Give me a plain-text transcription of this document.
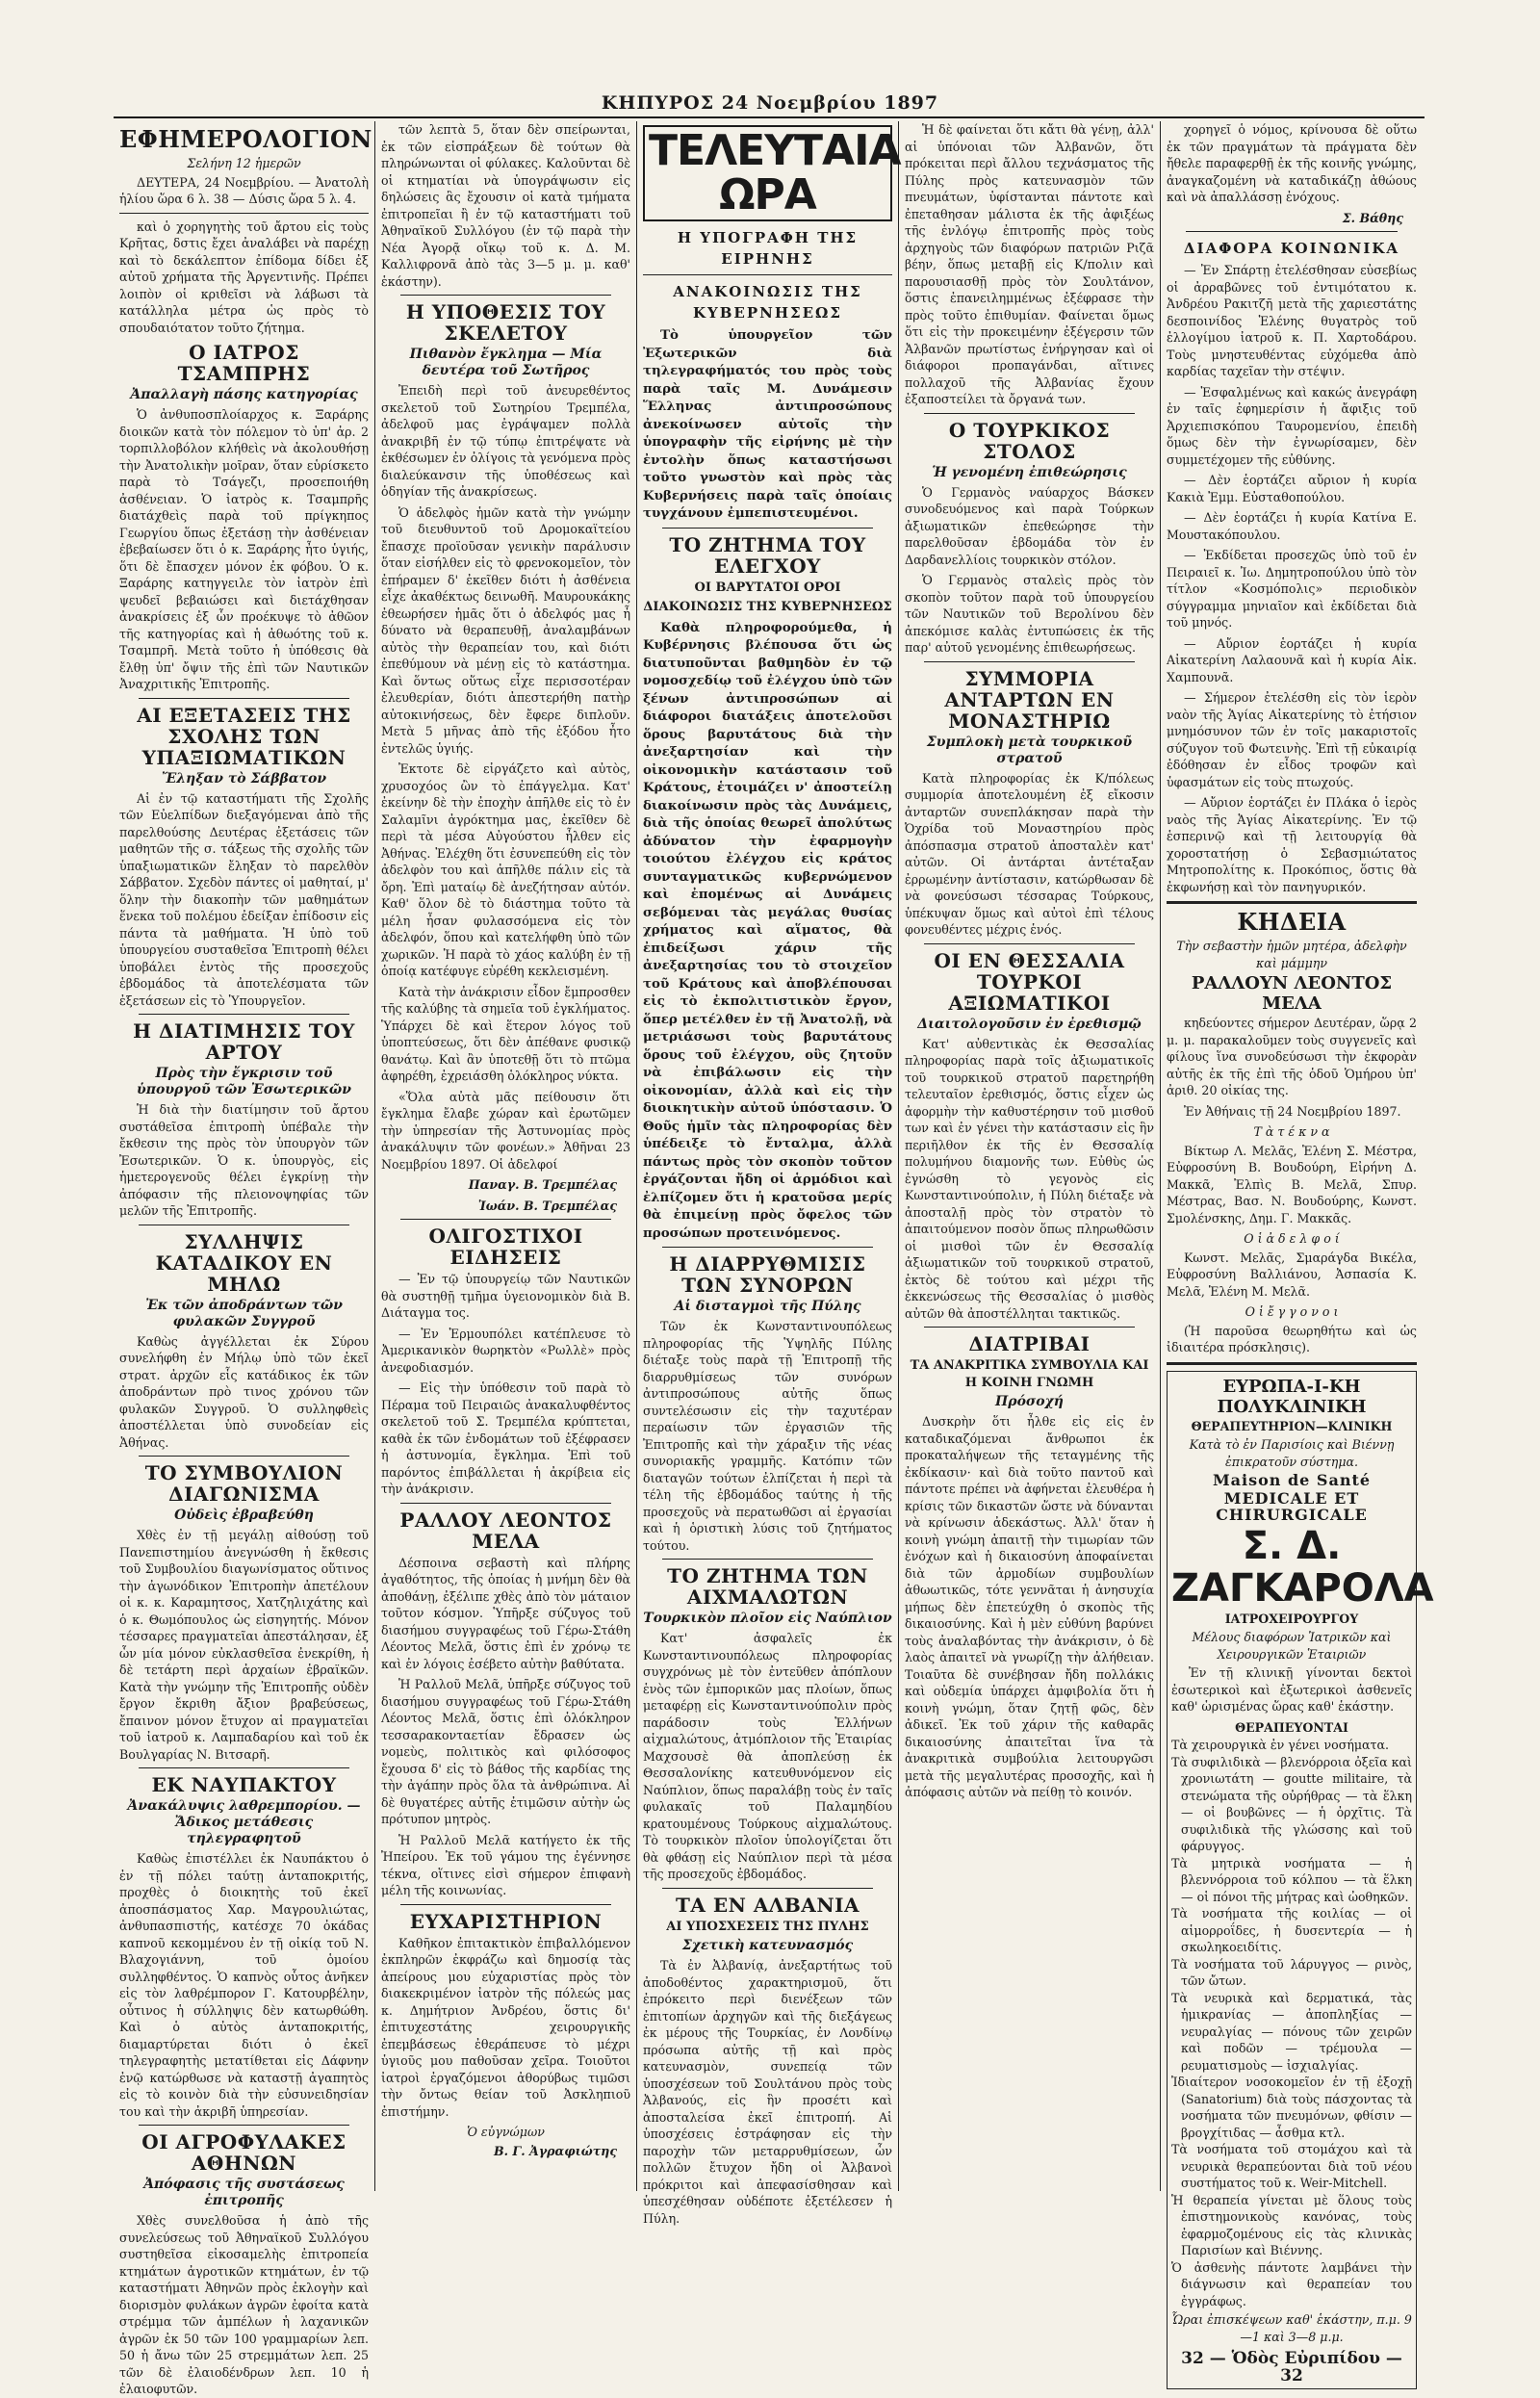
ΚΗΠΥΡΟΣ 24 Νοεμβρίου 1897
ΕΦΗΜΕΡΟΛΟΓΙΟΝ
Σελήνη 12 ἡμερῶν
ΔΕΥΤΕΡΑ, 24 Νοεμβρίου. — Ἀνατολὴ ἡλίου ὥρα 6 λ. 38 — Δύσις ὥρα 5 λ. 4.
καὶ ὁ χορηγητὴς τοῦ ἄρτου εἰς τοὺς Κρῆτας, δστις ἔχει ἀναλάβει νὰ παρέχῃ καὶ τὸ δεκάλεπτον ἐπίδομα δίδει ἐξ αὐτοῦ χρήματα τῆς Ἀργεντινῆς. Πρέπει λοιπὸν οἱ κριθεῖσι νὰ λάβωσι τὰ κατάλληλα μέτρα ὡς πρὸς τὸ σπουδαιότατον τοῦτο ζήτημα.
Ο ΙΑΤΡΟΣ ΤΣΑΜΠΡΗΣ
Ἀπαλλαγὴ πάσης κατηγορίας
Ὁ ἀνθυποσπλοίαρχος κ. Ξαράρης διοικῶν κατὰ τὸν πόλεμον τὸ ὑπ' ἀρ. 2 τορπιλλοβόλον κλήθεὶς νὰ ἀκολουθήσῃ τὴν Ἀνατολικὴν μοῖραν, ὅταν εὑρίσκετο παρὰ τὸ Τσάγεζι, προσεποιήθη ἀσθένειαν. Ὁ ἰατρὸς κ. Τσαμπρῆς διατάχθεὶς παρὰ τοῦ πρίγκηπος Γεωργίου ὅπως ἐξετάσῃ τὴν ἀσθένειαν ἐβεβαίωσεν ὅτι ὁ κ. Ξαράρης ἦτο ὑγιής, ὅτι δὲ ἔπασχεν μόνον ἐκ φόβου. Ὁ κ. Ξαράρης κατηγγειλε τὸν ἰατρὸν ἐπὶ ψευδεῖ βεβαιώσει καὶ διετάχθησαν ἀνακρίσεις ἐξ ὧν προέκυψε τὸ ἀθῶον τῆς κατηγορίας καὶ ἡ ἀθωότης τοῦ κ. Τσαμπρῆ. Μετὰ τοῦτο ἡ ὑπόθεσις θὰ ἔλθῃ ὑπ' ὄψιν τῆς ἐπὶ τῶν Ναυτικῶν Ἀναχριτικῆς Ἐπιτροπῆς.
ΑΙ ΕΞΕΤΑΣΕΙΣ ΤΗΣ ΣΧΟΛΗΣ ΤΩΝ ΥΠΑΞΙΩΜΑΤΙΚΩΝ
Ἔληξαν τὸ Σάββατον
Αἱ ἐν τῷ καταστήματι τῆς Σχολῆς τῶν Εὐελπίδων διεξαγόμεναι ἀπὸ τῆς παρελθούσης Δευτέρας ἐξετάσεις τῶν μαθητῶν τῆς σ. τάξεως τῆς σχολῆς τῶν ὑπαξιωματικῶν ἔληξαν τὸ παρελθὸν Σάββατον. Σχεδὸν πάντες οἱ μαθηταί, μ' ὅλην τὴν διακοπὴν τῶν μαθημάτων ἕνεκα τοῦ πολέμου ἐδείξαν ἐπίδοσιν εἰς πάντα τὰ μαθήματα. Ἡ ὑπὸ τοῦ ὑπουργείου συσταθεῖσα Ἐπιτροπὴ θέλει ὑποβάλει ἐντὸς τῆς προσεχοῦς ἑβδομάδος τὰ ἀποτελέσματα τῶν ἐξετάσεων εἰς τὸ Ὑπουργεῖον.
Η ΔΙΑΤΙΜΗΣΙΣ ΤΟΥ ΑΡΤΟΥ
Πρὸς τὴν ἔγκρισιν τοῦ ὑπουργοῦ τῶν Ἐσωτερικῶν
Ἡ διὰ τὴν διατίμησιν τοῦ ἄρτου συστάθεῖσα ἐπιτροπὴ ὑπέβαλε τὴν ἔκθεσιν της πρὸς τὸν ὑπουργὸν τῶν Ἐσωτερικῶν. Ὁ κ. ὑπουργὸς, εἰς ἡμετερογενοῦς θέλει ἐγκρίνῃ τὴν ἀπόφασιν τῆς πλειονοψηφίας τῶν μελῶν τῆς Ἐπιτροπῆς.
ΣΥΛΛΗΨΙΣ ΚΑΤΑΔΙΚΟΥ ΕΝ ΜΗΛΩ
Ἐκ τῶν ἀποδράντων τῶν φυλακῶν Συγγροῦ
Καθὼς ἀγγέλλεται ἐκ Σύρου συνελήφθη ἐν Μήλῳ ὑπὸ τῶν ἐκεῖ στρατ. ἀρχῶν εἷς κατάδικος ἐκ τῶν ἀποδράντων πρὸ τινος χρόνου τῶν φυλακῶν Συγγροῦ. Ὁ συλληφθεὶς ἀποστέλλεται ὑπὸ συνοδείαν εἰς Ἀθήνας.
ΤΟ ΣΥΜΒΟΥΛΙΟΝ ΔΙΑΓΩΝΙΣΜΑ
Οὐδεὶς ἐβραβεύθη
Χθὲς ἐν τῇ μεγάλῃ αἰθούσῃ τοῦ Πανεπιστημίου ἀνεγνώσθη ἡ ἔκθεσις τοῦ Συμβουλίου διαγωνίσματος οὕτινος τὴν ἀγωνόδικον Ἐπιτροπὴν ἀπετέλουν οἱ κ. κ. Καραμητσος, Χατζηλιχάτης καὶ ὁ κ. Θωμόπουλος ὡς εἰσηγητής. Μόνον τέσσαρες πραγματεῖαι ἀπεστάλησαν, ἐξ ὧν μία μόνον εὐκλασθεῖσα ἐνεκρίθη, ἡ δὲ τετάρτη περὶ ἀρχαίων ἑβραϊκῶν. Κατὰ τὴν γνώμην τῆς Ἐπιτροπῆς οὐδὲν ἔργον ἔκριθη ἄξιον βραβεύσεως, ἔπαινον μόνον ἔτυχον αἱ πραγματεῖαι τοῦ ἰατροῦ κ. Λαμπαδαρίου καὶ τοῦ ἐκ Βουλγαρίας Ν. Βιτσαρῆ.
ΕΚ ΝΑΥΠΑΚΤΟΥ
Ἀνακάλυψις λαθρεμπορίου. — Ἄδικος μετάθεσις τηλεγραφητοῦ
Καθὼς ἐπιστέλλει ἐκ Ναυπάκτου ὁ ἐν τῇ πόλει ταύτῃ ἀνταποκριτής, προχθὲς ὁ διοικητὴς τοῦ ἐκεῖ ἀποσπάσματος Χαρ. Μαγρουλιώτας, ἀνθυπασπιστής, κατέσχε 70 ὀκάδας καπνοῦ κεκομμένου ἐν τῇ οἰκίᾳ τοῦ Ν. Βλαχογιάννη, τοῦ ὁμοίου συλληφθέντος. Ὁ καπνὸς οὗτος ἀνῆκεν εἰς τὸν λαθρέμπορον Γ. Κατουρβέλην, οὗτινος ἡ σύλληψις δὲν κατωρθώθη. Καὶ ὁ αὐτὸς ἀνταποκριτής, διαμαρτύρεται διότι ὁ ἐκεῖ τηλεγραφητὴς μετατίθεται εἰς Δάφνην ἐνῷ κατώρθωσε νὰ καταστῇ ἀγαπητὸς εἰς τὸ κοινὸν διὰ τὴν εὐσυνειδησίαν του καὶ τὴν ἀκριβῆ ὑπηρεσίαν.
ΟΙ ΑΓΡΟΦΥΛΑΚΕΣ ΑΘΗΝΩΝ
Ἀπόφασις τῆς συστάσεως ἐπιτροπῆς
Χθὲς συνελθοῦσα ἡ ἀπὸ τῆς συνελεύσεως τοῦ Ἀθηναϊκοῦ Συλλόγου συστηθεῖσα εἰκοσαμελὴς ἐπιτροπεία κτημάτων ἀγροτικῶν κτημάτων, ἐν τῷ καταστήματι Ἀθηνῶν πρὸς ἐκλογὴν καὶ διορισμὸν φυλάκων ἀγρῶν ἐφοίτα κατὰ στρέμμα τῶν ἀμπέλων ἡ λαχανικῶν ἀγρῶν ἐκ 50 τῶν 100 γραμμαρίων λεπ. 50 ἡ ἄνω τῶν 25 στρεμμάτων λεπ. 25 τῶν δὲ ἐλαιοδένδρων λεπ. 10 ἡ ἐλαιοφυτῶν.
τῶν λεπτὰ 5, ὅταν δὲν σπείρωνται, ἐκ τῶν εἰσπράξεων δὲ τούτων θὰ πληρώνωνται οἱ φύλακες. Καλοῦνται δὲ οἱ κτηματίαι νὰ ὑπογράψωσιν εἰς δηλώσεις ἃς ἔχουσιν οἱ κατὰ τμήματα ἐπιτροπεῖαι ἢ ἐν τῷ καταστήματι τοῦ Ἀθηναϊκοῦ Συλλόγου (ἐν τῷ παρὰ τὴν Νέα Ἀγορᾷ οἴκῳ τοῦ κ. Δ. Μ. Καλλιφρονᾶ ἀπὸ τὰς 3—5 μ. μ. καθ' ἑκάστην).
Η ΥΠΟΘΕΣΙΣ ΤΟΥ ΣΚΕΛΕΤΟΥ
Πιθανὸν ἔγκλημα — Μία δευτέρα τοῦ Σωτῆρος
Ἐπειδὴ περὶ τοῦ ἀνευρεθέντος σκελετοῦ τοῦ Σωτηρίου Τρεμπέλα, ἀδελφοῦ μας ἐγράψαμεν πολλὰ ἀνακριβῆ ἐν τῷ τύπῳ ἐπιτρέψατε νὰ ἐκθέσωμεν ἐν ὀλίγοις τὰ γενόμενα πρὸς διαλεύκανσιν τῆς ὑποθέσεως καὶ ὁδηγίαν τῆς ἀνακρίσεως.
Ὁ ἀδελφὸς ἡμῶν κατὰ τὴν γνώμην τοῦ διευθυντοῦ τοῦ Δρομοκαϊτείου ἔπασχε προϊοῦσαν γενικὴν παράλυσιν ὅταν εἰσήλθεν εἰς τὸ φρενοκομεῖον, τὸν ἐπήραμεν δ' ἐκεῖθεν διότι ἡ ἀσθένεια εἶχε ἀκαθέκτως δεινωθῆ. Μαυρουκάκης ἐθεωρήσεν ἡμᾶς ὅτι ὁ ἀδελφός μας ἦ δύνατο νὰ θεραπευθῇ, ἀναλαμβάνων αὐτὸς τὴν θεραπείαν του, καὶ διότι ἐπεθύμουν νὰ μένῃ εἰς τὸ κατάστημα. Καὶ ὅντως οὕτως εἶχε περισσοτέραν ἐλευθερίαν, διότι ἀπεστερήθη πατὴρ αὐτοκινήσεως, δὲν ἔφερε διπλοῦν. Μετὰ 5 μῆνας ἀπὸ τῆς ἐξόδου ἦτο ἐντελῶς ὑγιής.
Ἐκτοτε δὲ εἰργάζετο καὶ αὐτὸς, χρυσοχόος ὢν τὸ ἐπάγγελμα. Κατ' ἐκείνην δὲ τὴν ἐποχὴν ἀπῆλθε εἰς τὸ ἐν Σαλαμῖνι ἀγρόκτημα μας, ἐκεῖθεν δὲ περὶ τὰ μέσα Αὐγούστου ἦλθεν εἰς Ἀθήνας. Ἐλέχθη ὅτι ἐσυνεπεύθη εἰς τὸν ἀδελφὸν του καὶ ἀπῆλθε πάλιν εἰς τὰ ὄρη. Ἐπὶ ματαίῳ δὲ ἀνεζήτησαν αὐτόν. Καθ' ὅλον δὲ τὸ διάστημα τοῦτο τὰ μέλη ἦσαν φυλασσόμενα εἰς τὸν ἀδελφόν, ὅπου καὶ κατελήφθη ὑπὸ τῶν χωρικῶν. Ἡ παρὰ τὸ χάος καλύβη ἐν τῇ ὁποίᾳ κατέφυγε εὑρέθη κεκλεισμένη.
Κατὰ τὴν ἀνάκρισιν εἶδον ἔμπροσθεν τῆς καλύβης τὰ σημεῖα τοῦ ἐγκλήματος. Ὑπάρχει δὲ καὶ ἕτερον λόγος τοῦ ὑποπτεύσεως, ὅτι δὲν ἀπέθανε φυσικῷ θανάτῳ. Καὶ ἂν ὑποτεθῇ ὅτι τὸ πτῶμα ἀφηρέθη, ἐχρειάσθη ὁλόκληρος νύκτα.
«Ὅλα αὐτὰ μᾶς πείθουσιν ὅτι ἔγκλημα ἔλαβε χώραν καὶ ἐρωτῶμεν τὴν ὑπηρεσίαν τῆς Ἀστυνομίας πρὸς ἀνακάλυψιν τῶν φονέων.» Ἀθῆναι 23 Νοεμβρίου 1897. Οἱ ἀδελφοί
Παναγ. Β. Τρεμπέλας
Ἰωάν. Β. Τρεμπέλας
ΟΛΙΓΟΣΤΙΧΟΙ ΕΙΔΗΣΕΙΣ
— Ἐν τῷ ὑπουργείῳ τῶν Ναυτικῶν θὰ συστηθῇ τμῆμα ὑγειονομικὸν διὰ Β. Διάταγμα τος.
— Ἐν Ἑρμουπόλει κατέπλευσε τὸ Ἀμερικανικὸν θωρηκτὸν «Ρωλλὲ» πρὸς ἀνεφοδιασμόν.
— Εἰς τὴν ὑπόθεσιν τοῦ παρὰ τὸ Πέραμα τοῦ Πειραιῶς ἀνακαλυφθέντος σκελετοῦ τοῦ Σ. Τρεμπέλα κρύπτεται, καθὰ ἐκ τῶν ἐνδομάτων τοῦ ἐξέφρασεν ἡ ἀστυνομία, ἔγκλημα. Ἐπὶ τοῦ παρόντος ἐπιβάλλεται ἡ ἀκρίβεια εἰς τὴν ἀνάκρισιν.
ΡΑΛΛΟΥ ΛΕΟΝΤΟΣ ΜΕΛΑ
Δέσποινα σεβαστὴ καὶ πλήρης ἀγαθότητος, τῆς ὁποίας ἡ μνήμη δὲν θὰ ἀποθάνῃ, ἐξέλιπε χθὲς ἀπὸ τὸν μάταιον τοῦτον κόσμον. Ὑπῆρξε σύζυγος τοῦ διασήμου συγγραφέως τοῦ Γέρω-Στάθη Λέοντος Μελᾶ, ὅστις ἐπὶ ἐν χρόνῳ τε καὶ ἐν λόγοις ἐσέβετο αὐτὴν βαθύτατα.
Ἡ Ραλλοῦ Μελᾶ, ὑπῆρξε σύζυγος τοῦ διασήμου συγγραφέως τοῦ Γέρω-Στάθη Λέοντος Μελᾶ, ὅστις ἐπὶ ὁλόκληρον τεσσαρακονταετίαν ἔδρασεν ὡς νομεὺς, πολιτικὸς καὶ φιλόσοφος ἔχουσα δ' εἰς τὸ βάθος τῆς καρδίας της τὴν ἀγάπην πρὸς ὅλα τὰ ἀνθρώπινα. Αἱ δὲ θυγατέρες αὐτῆς ἐτιμῶσιν αὐτὴν ὡς πρότυπον μητρὸς.
Ἡ Ραλλοῦ Μελᾶ κατήγετο ἐκ τῆς Ἠπείρου. Ἐκ τοῦ γάμου της ἐγέννησε τέκνα, οἵτινες εἰσὶ σήμερον ἐπιφανὴ μέλη τῆς κοινωνίας.
ΕΥΧΑΡΙΣΤΗΡΙΟΝ
Καθῆκον ἐπιτακτικὸν ἐπιβαλλόμενον ἐκπληρῶν ἐκφράζω καὶ δημοσίᾳ τὰς ἀπείρους μου εὐχαριστίας πρὸς τὸν διακεκριμένον ἰατρὸν τῆς πόλεώς μας κ. Δημήτριον Ἀνδρέου, ὅστις δι' ἐπιτυχεστάτης χειρουργικῆς ἐπεμβάσεως ἐθεράπευσε τὸ μέχρι ὑγιοῦς μου παθοῦσαν χεῖρα. Τοιοῦτοι ἰατροὶ ἐργαζόμενοι ἀθορύβως τιμῶσι τὴν ὄντως θείαν τοῦ Ἀσκληπιοῦ ἐπιστήμην.
Ὁ εὐγνώμων
Β. Γ. Ἀγραφιώτης
ΤΕΛΕΥΤΑΙΑ ΩΡΑ
Η ΥΠΟΓΡΑΦΗ ΤΗΣ ΕΙΡΗΝΗΣ
ΑΝΑΚΟΙΝΩΣΙΣ ΤΗΣ ΚΥΒΕΡΝΗΣΕΩΣ
Τὸ ὑπουργεῖον τῶν Ἐξωτερικῶν διὰ τηλεγραφήματός του πρὸς τοὺς παρὰ ταῖς Μ. Δυνάμεσιν Ἕλληνας ἀντιπροσώπους ἀνεκοίνωσεν αὐτοῖς τὴν ὑπογραφὴν τῆς εἰρήνης μὲ τὴν ἐντολὴν ὅπως καταστήσωσι τοῦτο γνωστὸν καὶ πρὸς τὰς Κυβερνήσεις παρὰ ταῖς ὁποίαις τυγχάνουν ἐμπεπιστευμένοι.
ΤΟ ΖΗΤΗΜΑ ΤΟΥ ΕΛΕΓΧΟΥ
ΟΙ ΒΑΡΥΤΑΤΟΙ ΟΡΟΙ
ΔΙΑΚΟΙΝΩΣΙΣ ΤΗΣ ΚΥΒΕΡΝΗΣΕΩΣ
Καθὰ πληροφορούμεθα, ἡ Κυβέρνησις βλέπουσα ὅτι ὡς διατυποῦνται βαθμηδὸν ἐν τῷ νομοσχεδίῳ τοῦ ἐλέγχου ὑπὸ τῶν ξένων ἀντιπροσώπων αἱ διάφοροι διατάξεις ἀποτελοῦσι ὅρους βαρυτάτους διὰ τὴν ἀνεξαρτησίαν καὶ τὴν οἰκονομικὴν κατάστασιν τοῦ Κράτους, ἑτοιμάζει ν' ἀποστείλῃ διακοίνωσιν πρὸς τὰς Δυνάμεις, διὰ τῆς ὁποίας θεωρεῖ ἀπολύτως ἀδύνατον τὴν ἐφαρμογὴν τοιούτου ἐλέγχου εἰς κράτος συνταγματικῶς κυβερνώμενον καὶ ἐπομένως αἱ Δυνάμεις σεβόμεναι τὰς μεγάλας θυσίας χρήματος καὶ αἵματος, θὰ ἐπιδείξωσι χάριν τῆς ἀνεξαρτησίας του τὸ στοιχεῖον τοῦ Κράτους καὶ ἀποβλέπουσαι εἰς τὸ ἐκπολιτιστικὸν ἔργον, ὅπερ μετέλθεν ἐν τῇ Ἀνατολῇ, νὰ μετριάσωσι τοὺς βαρυτάτους ὅρους τοῦ ἐλέγχου, οὓς ζητοῦν νὰ ἐπιβάλωσιν εἰς τὴν οἰκονομίαν, ἀλλὰ καὶ εἰς τὴν διοικητικὴν αὐτοῦ ὑπόστασιν. Ὁ Θοῦς ἡμῖν τὰς πληροφορίας δὲν ὑπέδειξε τὸ ἔνταλμα, ἀλλὰ πάντως πρὸς τὸν σκοπὸν τοῦτον ἐργάζονται ἤδη οἱ ἁρμόδιοι καὶ ἐλπίζομεν ὅτι ἡ κρατοῦσα μερίς θὰ ἐπιμείνῃ πρὸς ὄφελος τῶν προσώπων προτεινόμενος.
Η ΔΙΑΡΡΥΘΜΙΣΙΣ ΤΩΝ ΣΥΝΟΡΩΝ
Αἱ δισταγμοὶ τῆς Πύλης
Τῶν ἐκ Κωνσταντινουπόλεως πληροφορίας τῆς Ὑψηλῆς Πύλης διέταξε τοὺς παρὰ τῇ Ἐπιτροπῇ τῆς διαρρυθμίσεως τῶν συνόρων ἀντιπροσώπους αὐτῆς ὅπως συντελέσωσιν εἰς τὴν ταχυτέραν περαίωσιν τῶν ἐργασιῶν τῆς Ἐπιτροπῆς καὶ τὴν χάραξιν τῆς νέας συνοριακῆς γραμμῆς. Κατόπιν τῶν διαταγῶν τούτων ἐλπίζεται ἡ περὶ τὰ τέλη τῆς ἑβδομάδος ταύτης ἡ τῆς προσεχοῦς νὰ περατωθῶσι αἱ ἐργασίαι καὶ ἡ ὁριστικὴ λύσις τοῦ ζητήματος τούτου.
ΤΟ ΖΗΤΗΜΑ ΤΩΝ ΑΙΧΜΑΛΩΤΩΝ
Τουρκικὸν πλοῖον εἰς Ναύπλιον
Κατ' ἀσφαλεῖς ἐκ Κωνσταντινουπόλεως πληροφορίας συγχρόνως μὲ τὸν ἐντεῦθεν ἀπόπλουν ἑνὸς τῶν ἐμπορικῶν μας πλοίων, ὅπως μεταφέρῃ εἰς Κωνσταντινούπολιν πρὸς παράδοσιν τοὺς Ἑλλήνων αἰχμαλώτους, ἀτμόπλοιον τῆς Ἐταιρίας Μαχσουσὲ θὰ ἀποπλεύσῃ ἐκ Θεσσαλονίκης κατευθυνόμενον εἰς Ναύπλιον, ὅπως παραλάβῃ τοὺς ἐν ταῖς φυλακαῖς τοῦ Παλαμηδίου κρατουμένους Τούρκους αἰχμαλώτους. Τὸ τουρκικὸν πλοῖον ὑπολογίζεται ὅτι θὰ φθάσῃ εἰς Ναύπλιον περὶ τὰ μέσα τῆς προσεχοῦς ἑβδομάδος.
ΤΑ ΕΝ ΑΛΒΑΝΙΑ
ΑΙ ΥΠΟΣΧΕΣΕΙΣ ΤΗΣ ΠΥΛΗΣ
Σχετικὴ κατευνασμός
Τὰ ἐν Ἀλβανίᾳ, ἀνεξαρτήτως τοῦ ἀποδοθέντος χαρακτηρισμοῦ, ὅτι ἐπρόκειτο περὶ διενέξεων τῶν ἐπιτοπίων ἀρχηγῶν καὶ τῆς διεξάγεως ἐκ μέρους τῆς Τουρκίας, ἐν Λονδίνῳ πρόσωπα αὐτῆς τῇ καὶ πρὸς κατευνασμὸν, συνεπείᾳ τῶν ὑποσχέσεων τοῦ Σουλτάνου πρὸς τοὺς Ἀλβανούς, εἰς ἣν προσέτι καὶ ἀποσταλείσα ἐκεῖ ἐπιτροπή. Αἱ ὑποσχέσεις ἐστράφησαν εἰς τὴν παροχὴν τῶν μεταρρυθμίσεων, ὧν πολλῶν ἔτυχον ἤδη οἱ Ἀλβανοὶ πρόκριτοι καὶ ἀπεφασίσθησαν καὶ ὑπεσχέθησαν οὐδέποτε ἐξετέλεσεν ἡ Πύλη.
Ἡ δὲ φαίνεται ὅτι κἄτι θὰ γένῃ, ἀλλ' αἱ ὑπόνοιαι τῶν Ἀλβανῶν, ὅτι πρόκειται περὶ ἄλλου τεχνάσματος τῆς Πύλης πρὸς κατευνασμὸν τῶν πνευμάτων, ὑφίστανται πάντοτε καὶ ἐπεταθησαν μάλιστα ἐκ τῆς ἀφιξέως τῆς ἐνλόγῳ ἐπιτροπῆς πρὸς τοὺς ἀρχηγοὺς τῶν διαφόρων πατριῶν Ριζᾶ βέην, ὅπως μεταβῇ εἰς Κ/πολιν καὶ παρουσιασθῇ πρὸς τὸν Σουλτάνον, ὅστις ἐπανειλημμένως ἐξέφρασε τὴν πρὸς τοῦτο ἐπιθυμίαν. Φαίνεται ὅμως ὅτι εἰς τὴν προκειμένην ἐξέγερσιν τῶν Ἀλβανῶν πρωτίστως ἐνήργησαν καὶ οἱ διάφοροι προπαγάνδαι, αἵτινες πολλαχοῦ τῆς Ἀλβανίας ἔχουν ἐξαποστείλει τὰ ὄργανά των.
Ο ΤΟΥΡΚΙΚΟΣ ΣΤΟΛΟΣ
Ἡ γενομένη ἐπιθεώρησις
Ὁ Γερμανὸς ναύαρχος Βάσκεν συνοδευόμενος καὶ παρὰ Τούρκων ἀξιωματικῶν ἐπεθεώρησε τὴν παρελθοῦσαν ἑβδομάδα τὸν ἐν Δαρδανελλίοις τουρκικὸν στόλον.
Ὁ Γερμανὸς σταλεὶς πρὸς τὸν σκοπὸν τοῦτον παρὰ τοῦ ὑπουργείου τῶν Ναυτικῶν τοῦ Βερολίνου δὲν ἀπεκόμισε καλὰς ἐντυπώσεις ἐκ τῆς παρ' αὐτοῦ γενομένης ἐπιθεωρήσεως.
ΣΥΜΜΟΡΙΑ ΑΝΤΑΡΤΩΝ ΕΝ ΜΟΝΑΣΤΗΡΙΩ
Συμπλοκὴ μετὰ τουρκικοῦ στρατοῦ
Κατὰ πληροφορίας ἐκ Κ/πόλεως συμμορία ἀποτελουμένη ἐξ εἴκοσιν ἀνταρτῶν συνεπλάκησαν παρὰ τὴν Ὀχρίδα τοῦ Μοναστηρίου πρὸς ἀπόσπασμα στρατοῦ ἀποσταλὲν κατ' αὐτῶν. Οἱ ἀντάρται ἀντέταξαν ἐρρωμένην ἀντίστασιν, κατώρθωσαν δὲ νὰ φονεύσωσι τέσσαρας Τούρκους, ὑπέκυψαν ὅμως καὶ αὐτοὶ ἐπὶ τέλους φονευθέντες μέχρις ἑνός.
ΟΙ ΕΝ ΘΕΣΣΑΛΙΑ ΤΟΥΡΚΟΙ ΑΞΙΩΜΑΤΙΚΟΙ
Διαιτολογοῦσιν ἐν ἐρεθισμῷ
Κατ' αὐθεντικὰς ἐκ Θεσσαλίας πληροφορίας παρὰ τοῖς ἀξιωματικοῖς τοῦ τουρκικοῦ στρατοῦ παρετηρήθη τελευταῖον ἐρεθισμός, ὅστις εἶχεν ὡς ἀφορμὴν τὴν καθυστέρησιν τοῦ μισθοῦ των καὶ ἐν γένει τὴν κατάστασιν εἰς ἣν περιῆλθον ἐκ τῆς ἐν Θεσσαλίᾳ πολυμήνου διαμονῆς των. Εὐθὺς ὡς ἐγνώσθη τὸ γεγονὸς εἰς Κωνσταντινούπολιν, ἡ Πύλη διέταξε νὰ ἀποσταλῇ πρὸς τὸν στρατὸν τὸ ἀπαιτούμενον ποσὸν ὅπως πληρωθῶσιν οἱ μισθοὶ τῶν ἐν Θεσσαλίᾳ ἀξιωματικῶν τοῦ τουρκικοῦ στρατοῦ, ἐκτὸς δὲ τούτου καὶ μέχρι τῆς ἐκκενώσεως τῆς Θεσσαλίας ὁ μισθὸς αὐτῶν θὰ ἀποστέλληται τακτικῶς.
ΔΙΑΤΡΙΒΑΙ
ΤΑ ΑΝΑΚΡΙΤΙΚΑ ΣΥΜΒΟΥΛΙΑ ΚΑΙ Η ΚΟΙΝΗ ΓΝΩΜΗ
Πρόσοχή
Δυσκρὴν ὅτι ἦλθε εἰς εἰς ἐν καταδικαζόμεναι ἄνθρωποι ἐκ προκαταλήψεων τῆς τεταγμένης τῆς ἐκδίκασιν· καὶ διὰ τοῦτο παντοῦ καὶ πάντοτε πρέπει νὰ ἀφήνεται ἐλευθέρα ἡ κρίσις τῶν δικαστῶν ὥστε νὰ δύνανται νὰ κρίνωσιν ἀδεκάστως. Ἀλλ' ὅταν ἡ κοινὴ γνώμη ἀπαιτῇ τὴν τιμωρίαν τῶν ἐνόχων καὶ ἡ δικαιοσύνη ἀποφαίνεται διὰ τῶν ἀρμοδίων συμβουλίων ἀθωωτικῶς, τότε γεννᾶται ἡ ἀνησυχία μήπως δὲν ἐπετεύχθη ὁ σκοπὸς τῆς δικαιοσύνης. Καὶ ἡ μὲν εὐθύνη βαρύνει τοὺς ἀναλαβόντας τὴν ἀνάκρισιν, ὁ δὲ λαὸς ἀπαιτεῖ νὰ γνωρίζῃ τὴν ἀλήθειαν. Τοιαῦτα δὲ συνέβησαν ἤδη πολλάκις καὶ οὐδεμία ὑπάρχει ἀμφιβολία ὅτι ἡ κοινὴ γνώμη, ὅταν ζητῇ φῶς, δὲν ἀδικεῖ. Ἐκ τοῦ χάριν τῆς καθαρᾶς δικαιοσύνης ἀπαιτεῖται ἵνα τὰ ἀνακριτικὰ συμβούλια λειτουργῶσι μετὰ τῆς μεγαλυτέρας προσοχῆς, καὶ ἡ ἀπόφασις αὐτῶν νὰ πείθῃ τὸ κοινόν.
χορηγεῖ ὁ νόμος, κρίνουσα δὲ οὕτω ἐκ τῶν πραγμάτων τὰ πράγματα δὲν ἤθελε παραφερθῇ ἐκ τῆς κοινῆς γνώμης, ἀναγκαζομένη νὰ καταδικάζῃ ἀθώους καὶ νὰ ἀπαλλάσσῃ ἐνόχους.
Σ. Βάθης
ΔΙΑΦΟΡΑ ΚΟΙΝΩΝΙΚΑ
— Ἐν Σπάρτῃ ἐτελέσθησαν εὐσεβίως οἱ ἀρραβῶνες τοῦ ἐντιμότατου κ. Ἀνδρέου Ρακιτζῆ μετὰ τῆς χαριεστάτης δεσποινίδος Ἑλένης θυγατρὸς τοῦ ἐλλογίμου ἰατροῦ κ. Π. Χαρτοδάρου. Τοὺς μνηστευθέντας εὐχόμεθα ἀπὸ καρδίας ταχεῖαν τὴν στέψιν.
— Ἐσφαλμένως καὶ κακώς ἀνεγράφη ἐν ταῖς ἐφημερίσιν ἡ ἄφιξις τοῦ Ἀρχιεπισκόπου Ταυρομενίου, ἐπειδὴ ὅμως δὲν τὴν ἐγνωρίσαμεν, δὲν συμμετέχομεν τῆς εὐθύνης.
— Δὲν ἑορτάζει αὔριον ἡ κυρία Κακιὰ Ἐμμ. Εὐσταθοπούλου.
— Δὲν ἑορτάζει ἡ κυρία Κατίνα Ε. Μουστακόπουλου.
— Ἐκδίδεται προσεχῶς ὑπὸ τοῦ ἐν Πειραιεῖ κ. Ἰω. Δημητροπούλου ὑπὸ τὸν τίτλον «Κοσμόπολις» περιοδικὸν σύγγραμμα μηνιαῖον καὶ ἐκδίδεται διὰ τοῦ μηνός.
— Αὔριον ἑορτάζει ἡ κυρία Αἰκατερίνη Λαλαουνᾶ καὶ ἡ κυρία Αἰκ. Χαμπουνᾶ.
— Σήμερον ἐτελέσθη εἰς τὸν ἱερὸν ναὸν τῆς Ἁγίας Αἰκατερίνης τὸ ἐτήσιον μνημόσυνον τῶν ἐν τοῖς μακαριστοῖς σύζυγον τοῦ Φωτεινὴς. Ἐπὶ τῇ εὐκαιρίᾳ ἐδόθησαν ἐν εἶδος τροφῶν καὶ ὑφασμάτων εἰς τοὺς πτωχούς.
— Αὔριον ἑορτάζει ἐν Πλάκα ὁ ἱερὸς ναὸς τῆς Ἁγίας Αἰκατερίνης. Ἐν τῷ ἑσπερινῷ καὶ τῇ λειτουργίᾳ θὰ χοροστατήσῃ ὁ Σεβασμιώτατος Μητροπολίτης κ. Προκόπιος, ὅστις θὰ ἐκφωνήσῃ καὶ τὸν πανηγυρικόν.
ΚΗΔΕΙΑ
Τὴν σεβαστὴν ἡμῶν μητέρα, ἀδελφὴν καὶ μάμμην
ΡΑΛΛΟΥΝ ΛΕΟΝΤΟΣ ΜΕΛΑ
κηδεύοντες σήμερον Δευτέραν, ὥρᾳ 2 μ. μ. παρακαλοῦμεν τοὺς συγγενεῖς καὶ φίλους ἵνα συνοδεύσωσι τὴν ἐκφορὰν αὐτῆς ἐκ τῆς ἐπὶ τῆς ὁδοῦ Ὁμήρου ὑπ' ἀριθ. 20 οἰκίας της.
Ἐν Ἀθήναις τῇ 24 Νοεμβρίου 1897.
Τ ὰ τ έ κ ν α
Βίκτωρ Λ. Μελᾶς, Ἑλένη Σ. Μέστρα, Εὐφροσύνη Β. Βουδούρη, Εἰρήνη Δ. Μακκᾶ, Ἐλπὶς Β. Μελᾶ, Σπυρ. Μέστρας, Βασ. Ν. Βουδούρης, Κωνστ. Σμολένσκης, Δημ. Γ. Μακκᾶς.
Ο ἱ ἀ δ ε λ φ ο ί
Κωνστ. Μελᾶς, Σμαράγδα Βικέλα, Εὐφροσύνη Βαλλιάνου, Ἀσπασία Κ. Μελᾶ, Ἑλένη Μ. Μελᾶ.
Ο ἱ ἔ γ γ ο ν ο ι
(Ἡ παροῦσα θεωρηθήτω καὶ ὡς ἰδιαιτέρα πρόσκλησις).
ΕΥΡΩΠΑ-Ι-ΚΗ ΠΟΛΥΚΛΙΝΙΚΗ
ΘΕΡΑΠΕΥΤΗΡΙΟΝ—ΚΛΙΝΙΚΗ
Κατὰ τὸ ἐν Παρισίοις καὶ Βιέννῃ ἐπικρατοῦν σύστημα.
Maison de Santé
MEDICALE ET CHIRURGICALE
Σ. Δ. ΖΑΓΚΑΡΟΛΑ
ΙΑΤΡΟΧΕΙΡΟΥΡΓΟΥ
Μέλους διαφόρων Ἰατρικῶν καὶ Χειρουργικῶν Ἑταιριῶν
Ἐν τῇ κλινικῇ γίνονται δεκτοὶ ἐσωτερικοὶ καὶ ἐξωτερικοὶ ἀσθενεῖς καθ' ὡρισμένας ὥρας καθ' ἑκάστην.
ΘΕΡΑΠΕΥΟΝΤΑΙ
Τὰ χειρουργικὰ ἐν γένει νοσήματα.
Τὰ συφιλιδικὰ — βλενόρροια ὀξεῖα καὶ χρονιωτάτη — goutte militaire, τὰ στενώματα τῆς οὐρήθρας — τὰ ἕλκη — οἱ βουβῶνες — ἡ ὀρχῖτις. Τὰ συφιλιδικὰ τῆς γλώσσης καὶ τοῦ φάρυγγος.
Τὰ μητρικὰ νοσήματα — ἡ βλεννόρροια τοῦ κόλπου — τὰ ἕλκη — οἱ πόνοι τῆς μήτρας καὶ ὠοθηκῶν.
Τὰ νοσήματα τῆς κοιλίας — οἱ αἱμορροΐδες, ἡ δυσεντερία — ἡ σκωληκοειδίτις.
Τὰ νοσήματα τοῦ λάρυγγος — ρινὸς, τῶν ὤτων.
Τὰ νευρικὰ καὶ δερματικά, τὰς ἡμικρανίας — ἀποπληξίας — νευραλγίας — πόνους τῶν χειρῶν καὶ ποδῶν — τρέμουλα — ρευματισμοὺς — ἰσχιαλγίας.
Ἰδιαίτερον νοσοκομεῖον ἐν τῇ ἐξοχῇ (Sanatorium) διὰ τοὺς πάσχοντας τὰ νοσήματα τῶν πνευμόνων, φθίσιν — βρογχίτιδας — ἆσθμα κτλ.
Τὰ νοσήματα τοῦ στομάχου καὶ τὰ νευρικὰ θεραπεύονται διὰ τοῦ νέου συστήματος τοῦ κ. Weir-Mitchell.
Ἡ θεραπεία γίνεται μὲ ὅλους τοὺς ἐπιστημονικοὺς κανόνας, τοὺς ἐφαρμοζομένους εἰς τὰς κλινικὰς Παρισίων καὶ Βιέννης.
Ὁ ἀσθενὴς πάντοτε λαμβάνει τὴν διάγνωσιν καὶ θεραπείαν του ἐγγράφως.
Ὧραι ἐπισκέψεων καθ' ἑκάστην, π.μ. 9—1 καὶ 3—8 μ.μ.
32 — Ὁδὸς Εὐριπίδου — 32
